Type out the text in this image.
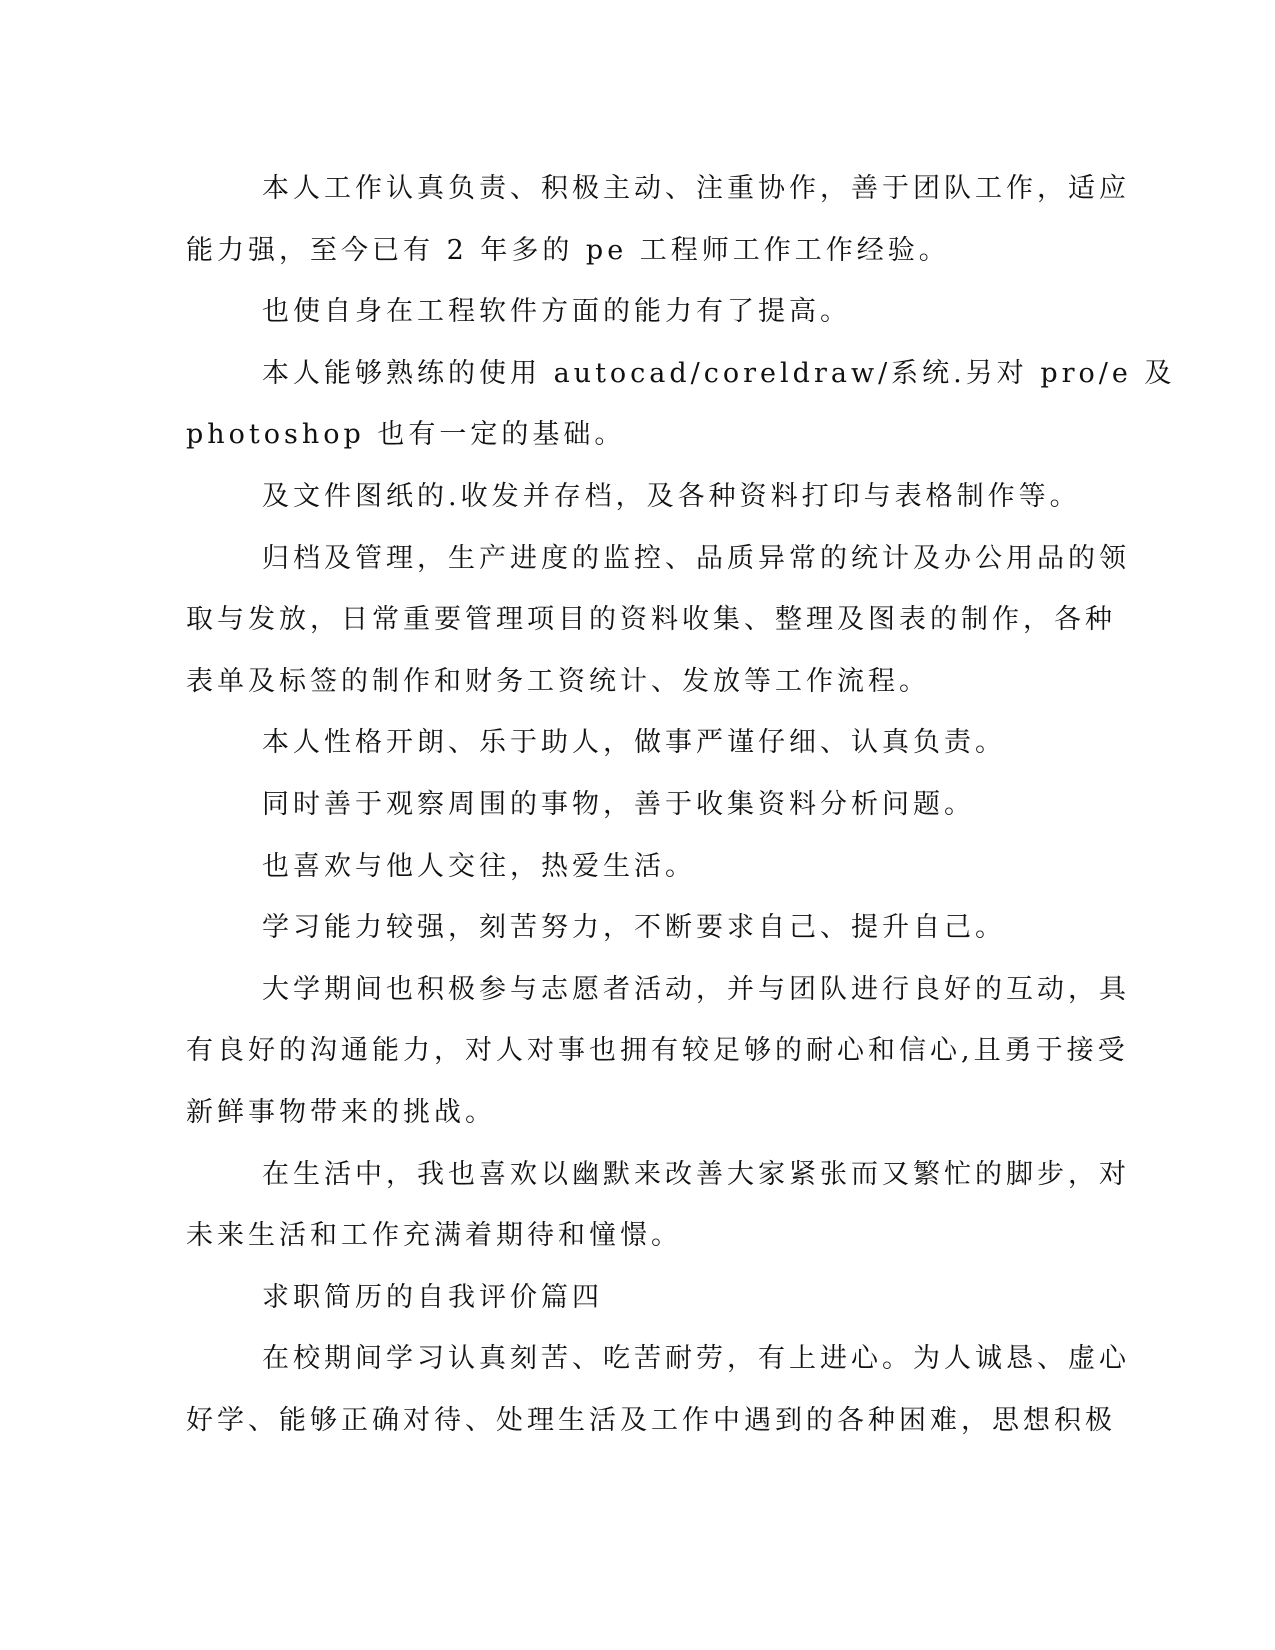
本人工作认真负责、积极主动、注重协作，善于团队工作，适应
能力强，至今已有 2 年多的 pe 工程师工作工作经验。

也使自身在工程软件方面的能力有了提高。

本人能够熟练的使用 autocad/coreldraw/系统.另对 pro/e 及
photoshop 也有一定的基础。

及文件图纸的.收发并存档，及各种资料打印与表格制作等。

归档及管理，生产进度的监控、品质异常的统计及办公用品的领
取与发放，日常重要管理项目的资料收集、整理及图表的制作，各种
表单及标签的制作和财务工资统计、发放等工作流程。

本人性格开朗、乐于助人，做事严谨仔细、认真负责。

同时善于观察周围的事物，善于收集资料分析问题。

也喜欢与他人交往，热爱生活。

学习能力较强，刻苦努力，不断要求自己、提升自己。

大学期间也积极参与志愿者活动，并与团队进行良好的互动，具
有良好的沟通能力，对人对事也拥有较足够的耐心和信心,且勇于接受
新鲜事物带来的挑战。

在生活中，我也喜欢以幽默来改善大家紧张而又繁忙的脚步，对
未来生活和工作充满着期待和憧憬。

求职简历的自我评价篇四

在校期间学习认真刻苦、吃苦耐劳，有上进心。为人诚恳、虚心
好学、能够正确对待、处理生活及工作中遇到的各种困难，思想积极
